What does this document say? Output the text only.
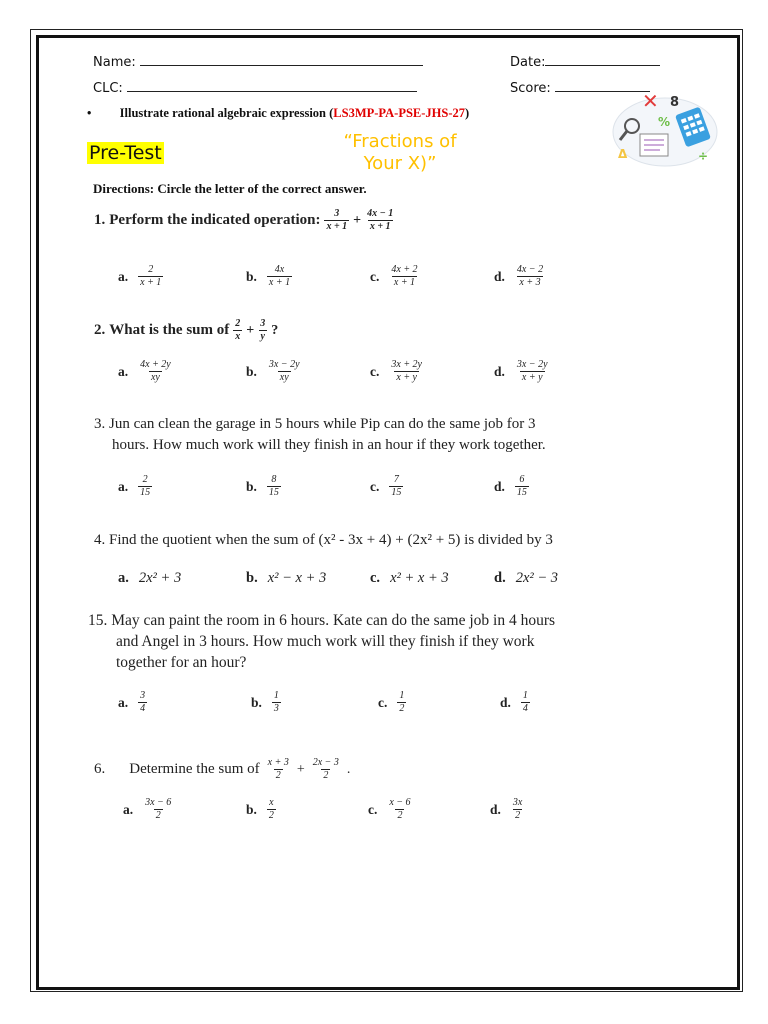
Name:	Date:
CLC:	Score:
• Illustrate rational algebraic expression (LS3MP-PA-PSE-JHS-27)
Pre-Test
“Fractions of
Your X)”
✕ 8
%
Δ	÷
Directions: Circle the letter of the correct answer.
1. Perform the indicated operation: $\frac{3}{x + 1} + \frac{4x - 1}{x + 1}$
a. $\frac{2}{x + 1}$	b. $\frac{4x}{x + 1}$	c. $\frac{4x + 2}{x + 1}$	d. $\frac{4x - 2}{x + 3}$
2. What is the sum of $\frac{2}{x} + \frac{3}{y}$ ?
a. $\frac{4x + 2y}{xy}$	b. $\frac{3x - 2y}{xy}$	c. $\frac{3x + 2y}{x + y}$	d. $\frac{3x - 2y}{x + y}$
3. Jun can clean the garage in 5 hours while Pip can do the same job for 3
hours. How much work will they finish in an hour if they work together.
a. $\frac{2}{15}$	b. $\frac{8}{15}$	c. $\frac{7}{15}$	d. $\frac{6}{15}$
4. Find the quotient when the sum of (x² - 3x + 4) + (2x² + 5) is divided by 3
a. 2x² + 3	b. x² − x + 3	c. x² + x + 3	d. 2x² − 3
15. May can paint the room in 6 hours. Kate can do the same job in 4 hours
and Angel in 3 hours. How much work will they finish if they work
together for an hour?
a. $\frac{3}{4}$	b. $\frac{1}{3}$	c. $\frac{1}{2}$	d. $\frac{1}{4}$
6. Determine the sum of $\frac{x + 3}{2} + \frac{2x - 3}{2}$ .
a. $\frac{3x - 6}{2}$	b. $\frac{x}{2}$	c. $\frac{x - 6}{2}$	d. $\frac{3x}{2}$
